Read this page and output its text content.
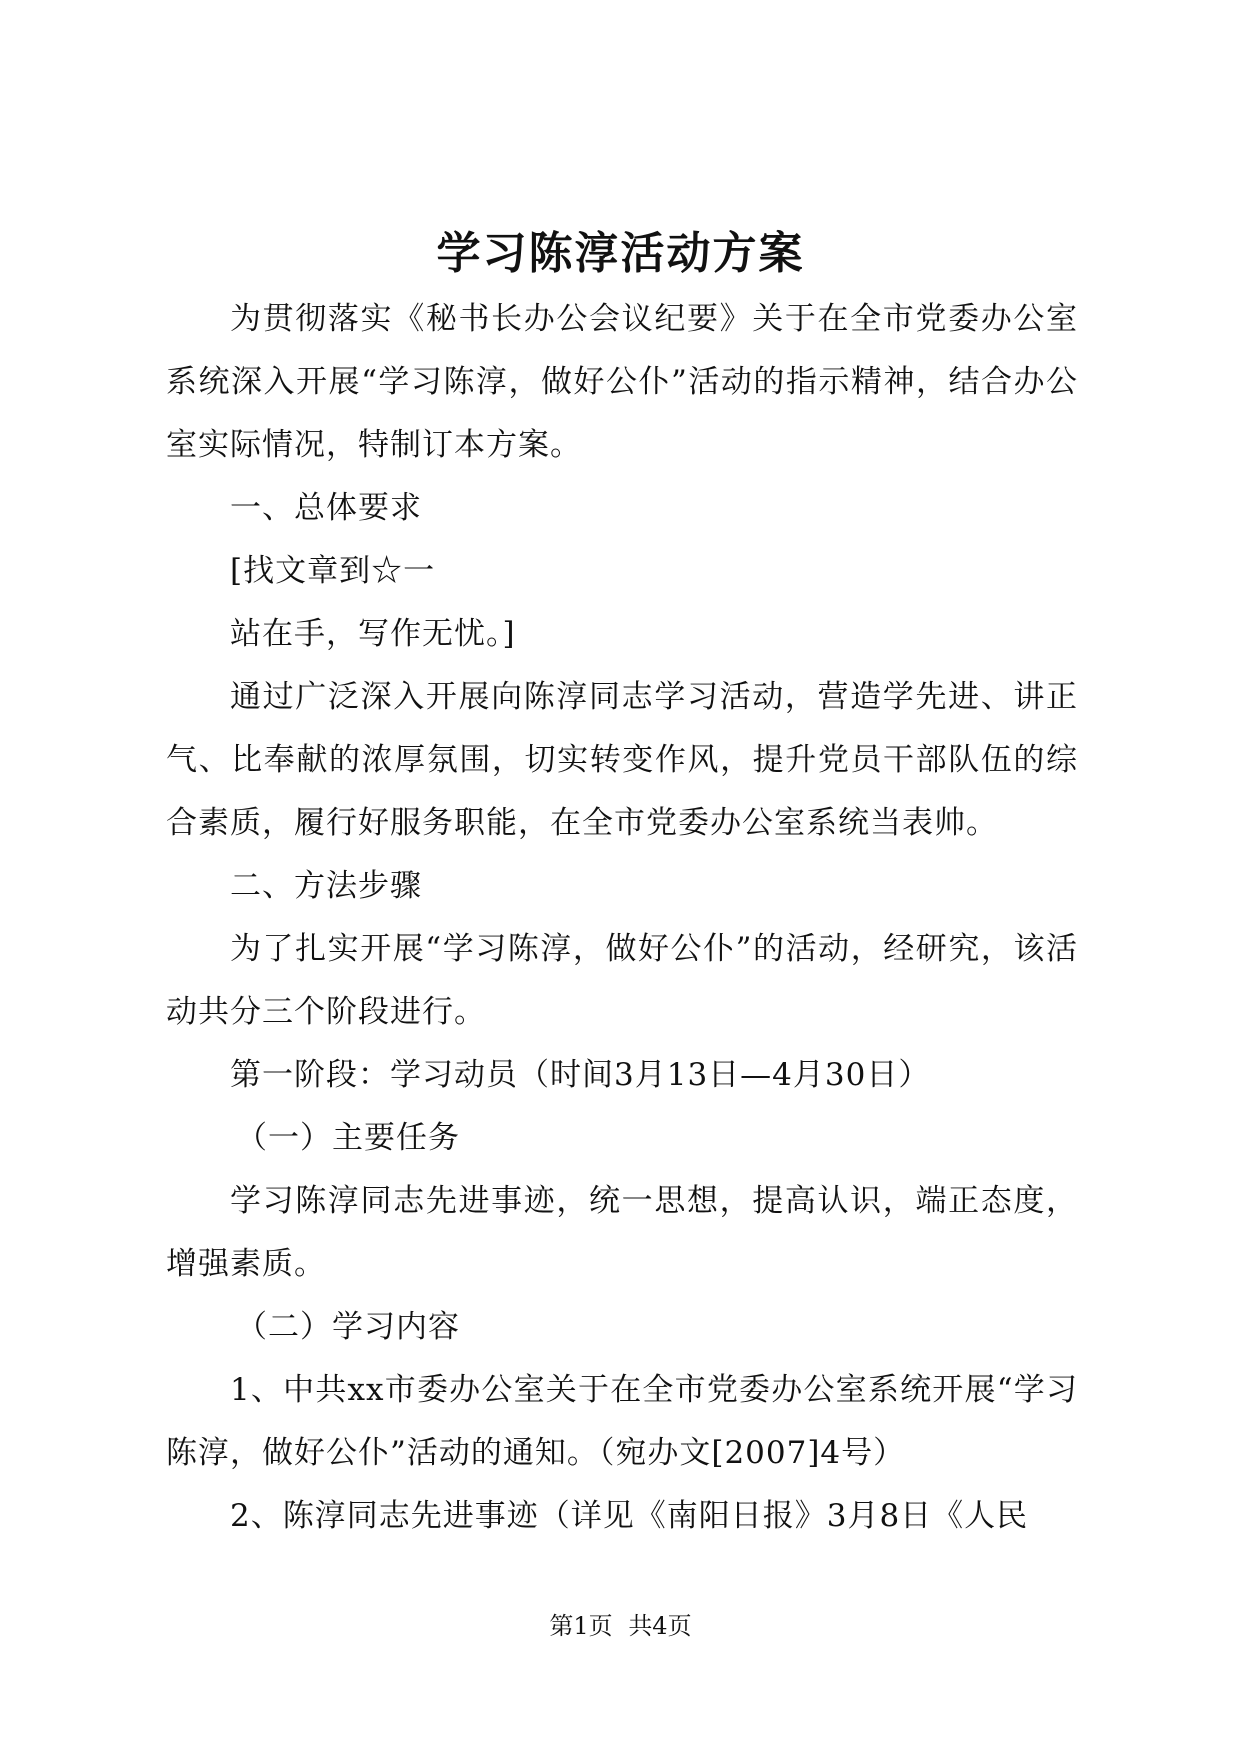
学习陈淳活动方案

为贯彻落实《秘书长办公会议纪要》关于在全市党委办公室系统深入开展“学习陈淳，做好公仆”活动的指示精神，结合办公室实际情况，特制订本方案。

一、总体要求

[找文章到☆一

站在手，写作无忧。]

通过广泛深入开展向陈淳同志学习活动，营造学先进、讲正气、比奉献的浓厚氛围，切实转变作风，提升党员干部队伍的综合素质，履行好服务职能，在全市党委办公室系统当表帅。

二、方法步骤

为了扎实开展“学习陈淳，做好公仆”的活动，经研究，该活动共分三个阶段进行。

第一阶段：学习动员（时间3月13日—4月30日）

（一）主要任务

学习陈淳同志先进事迹，统一思想，提高认识，端正态度，增强素质。

（二）学习内容

1、中共xx市委办公室关于在全市党委办公室系统开展“学习陈淳，做好公仆”活动的通知。（宛办文[2007]4号）

2、陈淳同志先进事迹（详见《南阳日报》3月8日《人民

第1页 共4页
